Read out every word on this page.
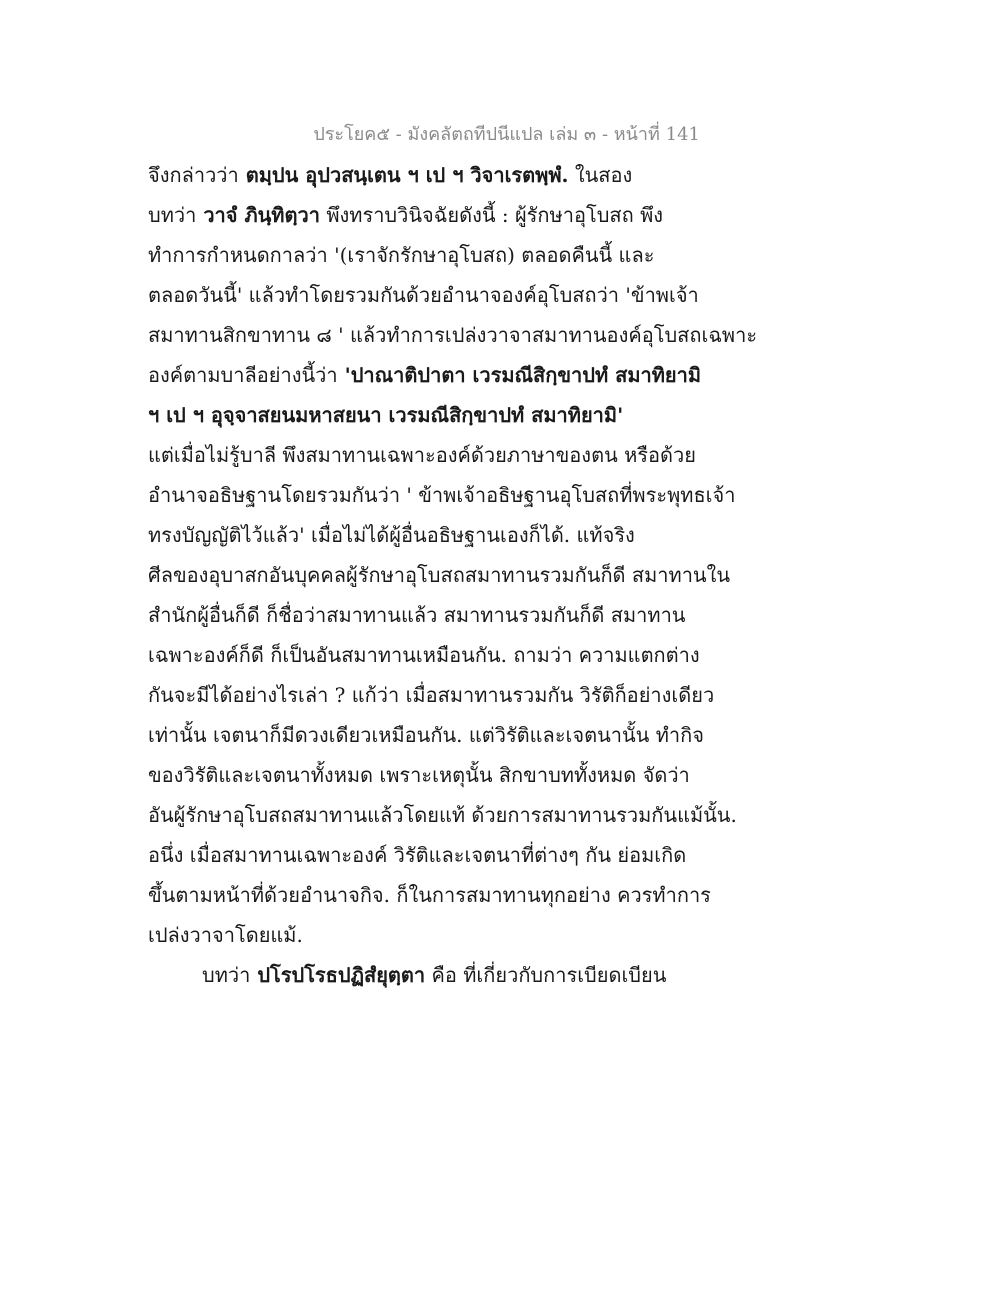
ประโยค๕ - มังคลัตถทีปนีแปล เล่ม ๓ - หน้าที่ 141
จึงกล่าวว่า ตมฺปน อุปวสนฺเตน ฯ เป ฯ วิจาเรตพฺพํ. ในสอง
บทว่า วาจํ ภินฺทิตฺวา พึงทราบวินิจฉัยดังนี้ : ผู้รักษาอุโบสถ พึง
ทำการกำหนดกาลว่า '(เราจักรักษาอุโบสถ) ตลอดคืนนี้ และ
ตลอดวันนี้' แล้วทำโดยรวมกันด้วยอำนาจองค์อุโบสถว่า 'ข้าพเจ้า
สมาทานสิกขาทาน ๘ ' แล้วทำการเปล่งวาจาสมาทานองค์อุโบสถเฉพาะ
องค์ตามบาลีอย่างนี้ว่า 'ปาณาติปาตา เวรมณีสิกฺขาปทํ สมาทิยามิ
ฯ เป ฯ อุจฺจาสยนมหาสยนา เวรมณีสิกฺขาปทํ สมาทิยามิ'
แต่เมื่อไม่รู้บาลี พึงสมาทานเฉพาะองค์ด้วยภาษาของตน หรือด้วย
อำนาจอธิษฐานโดยรวมกันว่า ' ข้าพเจ้าอธิษฐานอุโบสถที่พระพุทธเจ้า
ทรงบัญญัติไว้แล้ว' เมื่อไม่ได้ผู้อื่นอธิษฐานเองก็ได้. แท้จริง
ศีลของอุบาสกอันบุคคลผู้รักษาอุโบสถสมาทานรวมกันก็ดี สมาทานใน
สำนักผู้อื่นก็ดี ก็ชื่อว่าสมาทานแล้ว สมาทานรวมกันก็ดี สมาทาน
เฉพาะองค์ก็ดี ก็เป็นอันสมาทานเหมือนกัน. ถามว่า ความแตกต่าง
กันจะมีได้อย่างไรเล่า ? แก้ว่า เมื่อสมาทานรวมกัน วิรัติก็อย่างเดียว
เท่านั้น เจตนาก็มีดวงเดียวเหมือนกัน. แต่วิรัติและเจตนานั้น ทำกิจ
ของวิรัติและเจตนาทั้งหมด เพราะเหตุนั้น สิกขาบททั้งหมด จัดว่า
อันผู้รักษาอุโบสถสมาทานแล้วโดยแท้ ด้วยการสมาทานรวมกันแม้นั้น.
อนึ่ง เมื่อสมาทานเฉพาะองค์ วิรัติและเจตนาที่ต่างๆ กัน ย่อมเกิด
ขึ้นตามหน้าที่ด้วยอำนาจกิจ. ก็ในการสมาทานทุกอย่าง ควรทำการ
เปล่งวาจาโดยแม้.
บทว่า ปโรปโรธปฏิสํยุตฺตา คือ ที่เกี่ยวกับการเบียดเบียน
